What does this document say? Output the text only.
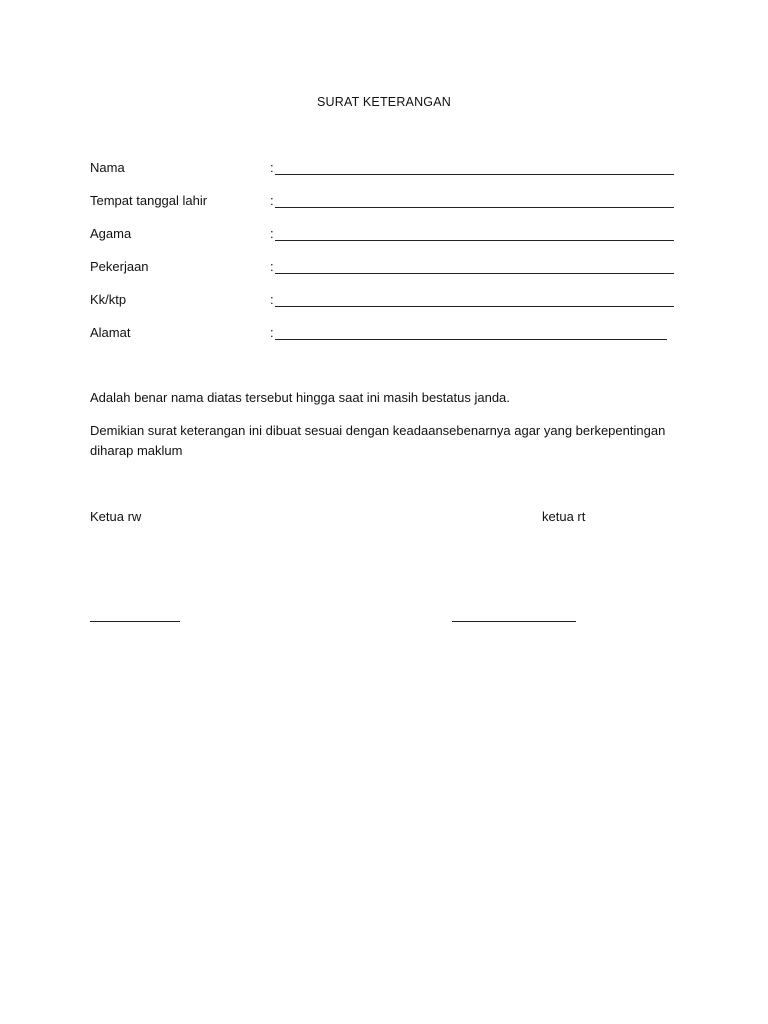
SURAT KETERANGAN
Nama	:
Tempat tanggal lahir	:
Agama	:
Pekerjaan	:
Kk/ktp	:
Alamat	:
Adalah benar nama diatas tersebut hingga saat ini masih bestatus janda.
Demikian surat keterangan ini dibuat sesuai dengan keadaansebenarnya agar yang berkepentingan diharap maklum
Ketua rw	ketua rt
